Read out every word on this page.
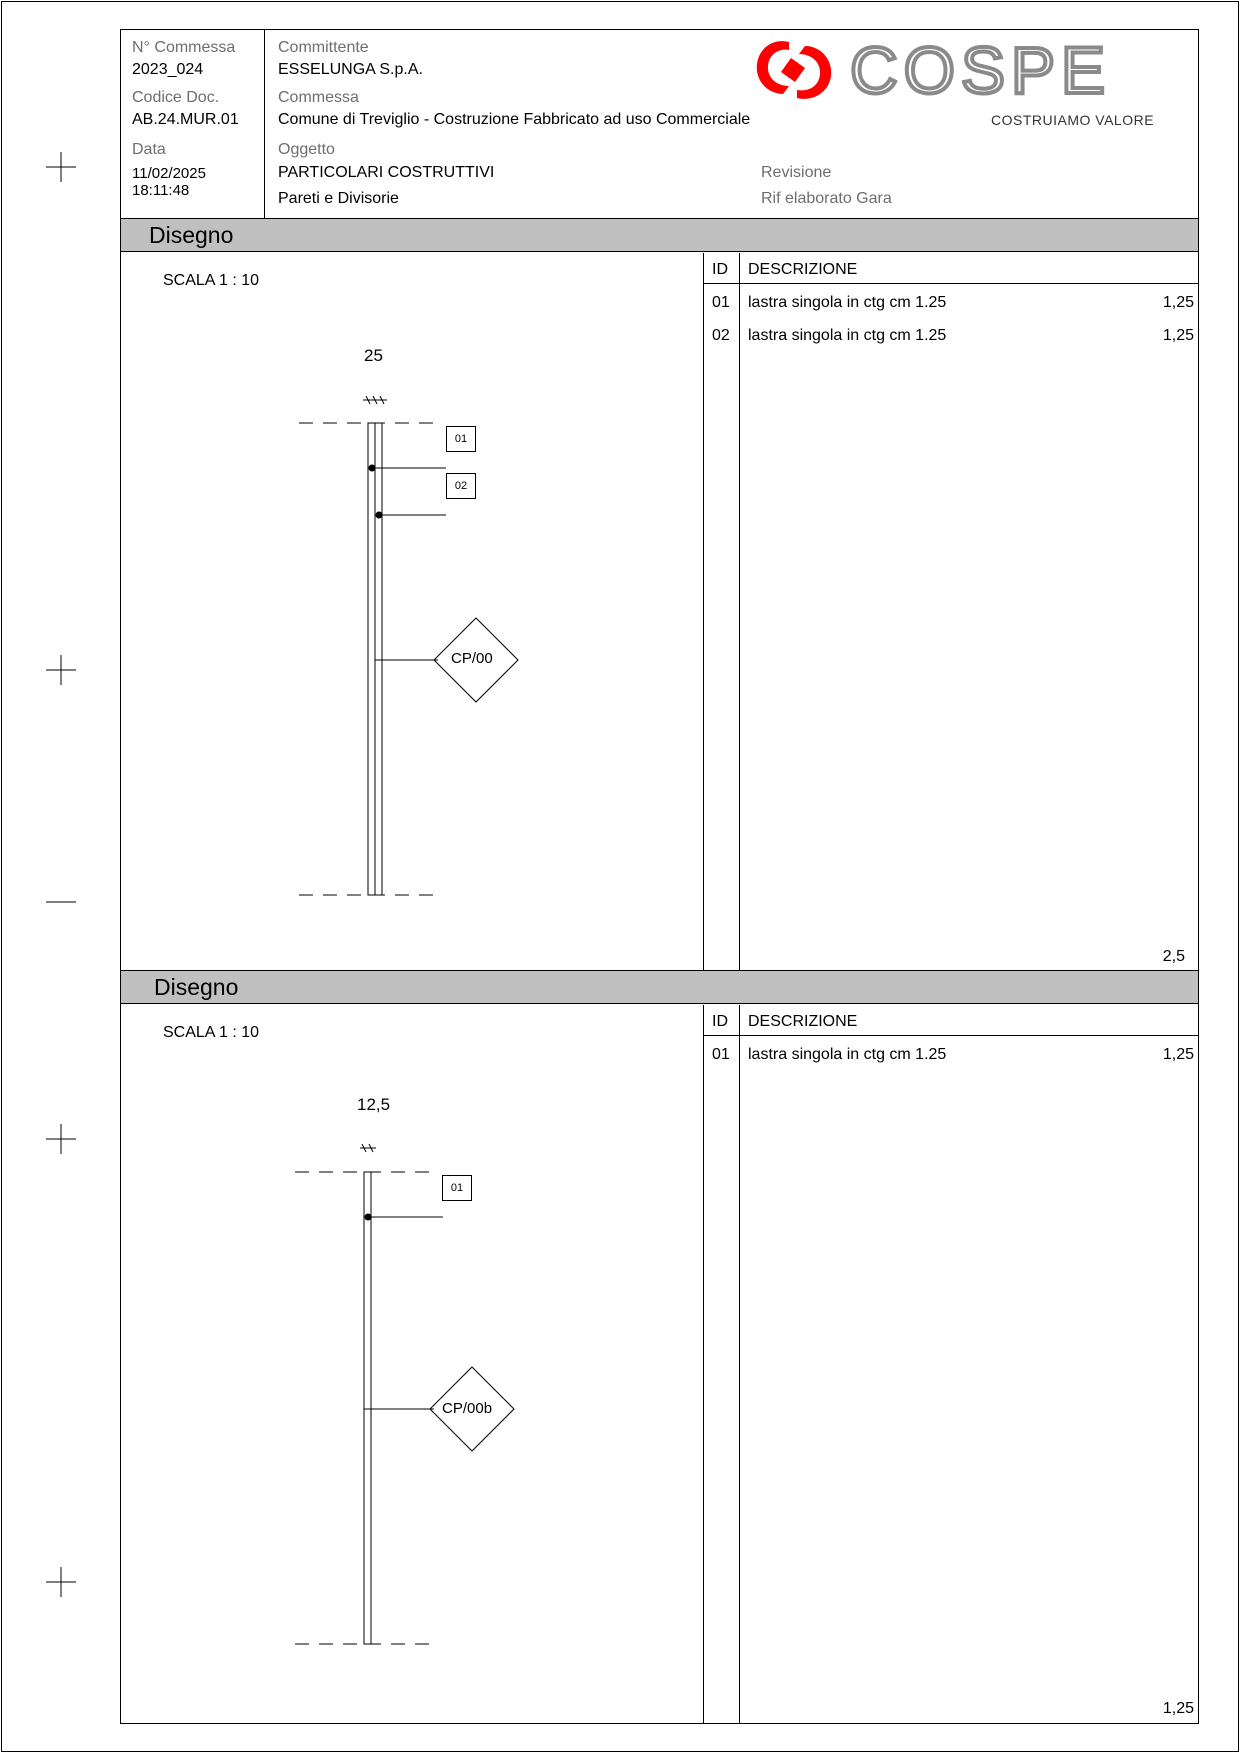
N° Commessa
2023_024
Codice Doc.
AB.24.MUR.01
Data
11/02/2025
18:11:48
Committente
ESSELUNGA S.p.A.
Commessa
Comune di Treviglio - Costruzione Fabbricato ad uso Commerciale
Oggetto
PARTICOLARI COSTRUTTIVI
Pareti e Divisorie
Revisione
Rif elaborato Gara
COSPE
COSTRUIAMO VALORE
Disegno
SCALA 1 : 10
ID DESCRIZIONE
01 lastra singola in ctg cm 1.25	1,25
02 lastra singola in ctg cm 1.25	1,25
2,5
25
01
02
CP/00
Disegno
SCALA 1 : 10
ID DESCRIZIONE
01 lastra singola in ctg cm 1.25	1,25
1,25
12,5
01
CP/00b
